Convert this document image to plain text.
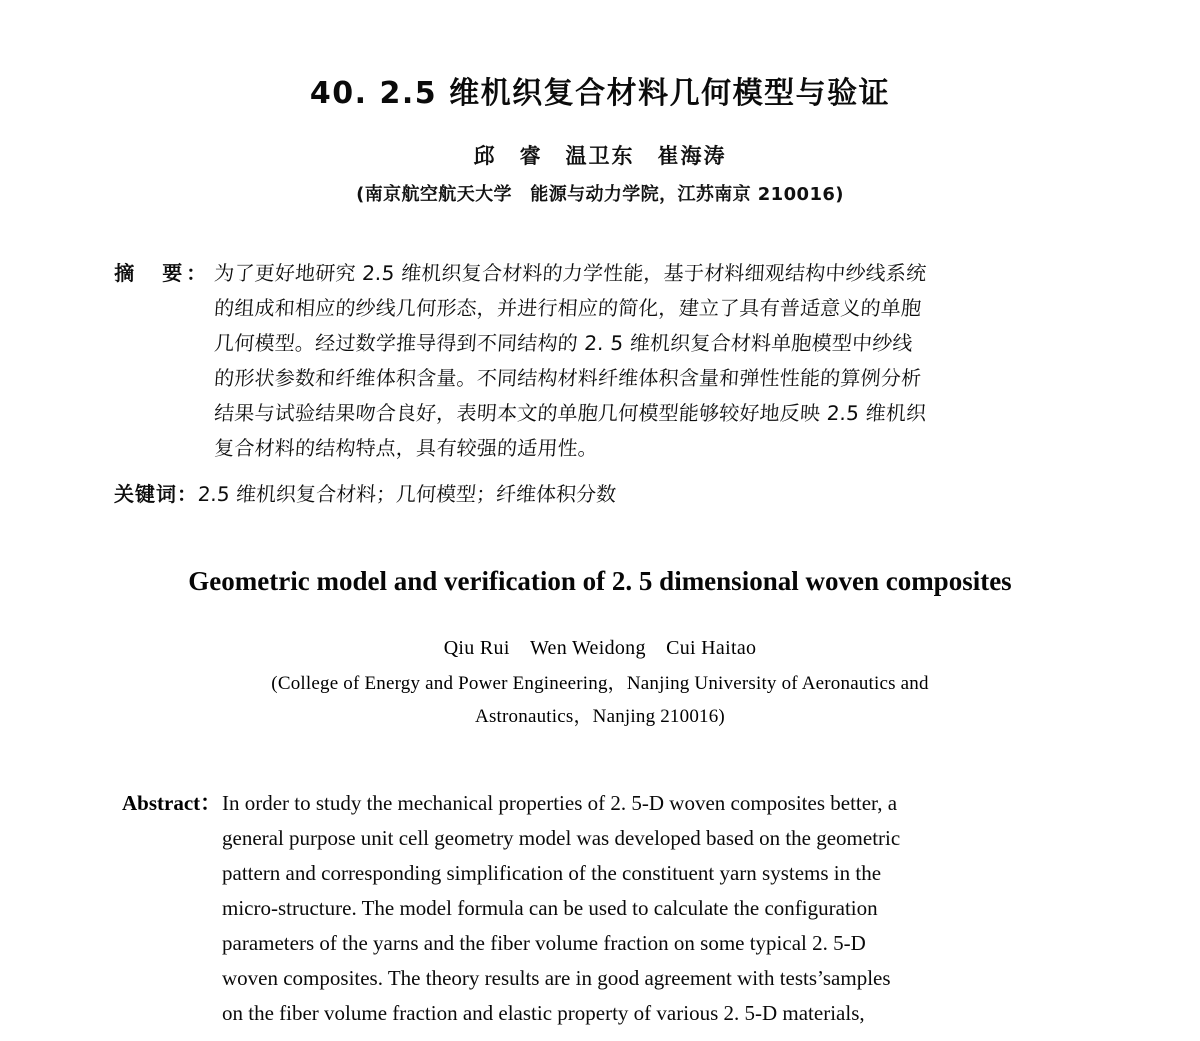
40. 2.5 维机织复合材料几何模型与验证
邱　睿　温卫东　崔海涛
(南京航空航天大学　能源与动力学院，江苏南京 210016)
摘　要： 为了更好地研究 2.5 维机织复合材料的力学性能，基于材料细观结构中纱线系统
的组成和相应的纱线几何形态，并进行相应的简化，建立了具有普适意义的单胞
几何模型。经过数学推导得到不同结构的 2. 5 维机织复合材料单胞模型中纱线
的形状参数和纤维体积含量。不同结构材料纤维体积含量和弹性性能的算例分析
结果与试验结果吻合良好，表明本文的单胞几何模型能够较好地反映 2.5 维机织
复合材料的结构特点，具有较强的适用性。
关键词：2.5 维机织复合材料；几何模型；纤维体积分数
Geometric model and verification of 2. 5 dimensional woven composites
Qiu Rui　Wen Weidong　Cui Haitao
(College of Energy and Power Engineering，Nanjing University of Aeronautics and
Astronautics，Nanjing 210016)
Abstract： In order to study the mechanical properties of 2. 5-D woven composites better, a
general purpose unit cell geometry model was developed based on the geometric
pattern and corresponding simplification of the constituent yarn systems in the
micro-structure. The model formula can be used to calculate the configuration
parameters of the yarns and the fiber volume fraction on some typical 2. 5-D
woven composites. The theory results are in good agreement with tests’samples
on the fiber volume fraction and elastic property of various 2. 5-D materials,
